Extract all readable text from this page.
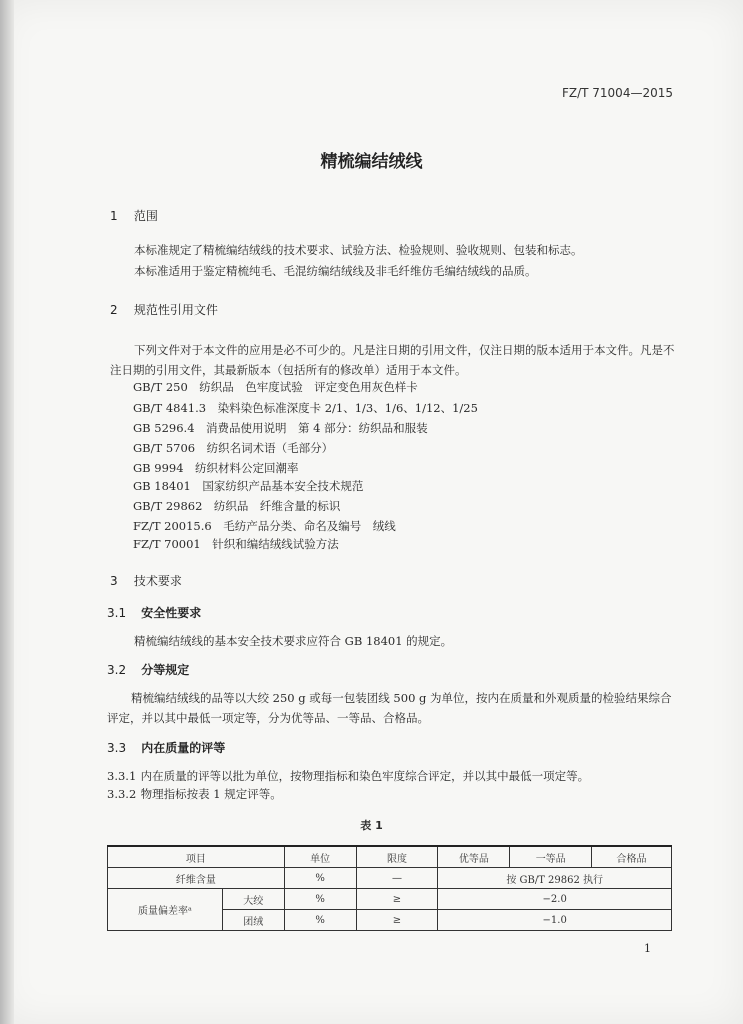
FZ/T 71004—2015
精梳编结绒线
1 范围
本标准规定了精梳编结绒线的技术要求、试验方法、检验规则、验收规则、包装和标志。
本标准适用于鉴定精梳纯毛、毛混纺编结绒线及非毛纤维仿毛编结绒线的品质。
2 规范性引用文件
下列文件对于本文件的应用是必不可少的。凡是注日期的引用文件，仅注日期的版本适用于本文件。凡是不注日期的引用文件，其最新版本（包括所有的修改单）适用于本文件。
GB/T 250　纺织品　色牢度试验　评定变色用灰色样卡
GB/T 4841.3　染料染色标准深度卡 2/1、1/3、1/6、1/12、1/25
GB 5296.4　消费品使用说明　第 4 部分：纺织品和服装
GB/T 5706　纺织名词术语（毛部分）
GB 9994　纺织材料公定回潮率
GB 18401　国家纺织产品基本安全技术规范
GB/T 29862　纺织品　纤维含量的标识
FZ/T 20015.6　毛纺产品分类、命名及编号　绒线
FZ/T 70001　针织和编结绒线试验方法
3 技术要求
3.1 安全性要求
精梳编结绒线的基本安全技术要求应符合 GB 18401 的规定。
3.2 分等规定
精梳编结绒线的品等以大绞 250 g 或每一包装团线 500 g 为单位，按内在质量和外观质量的检验结果综合评定，并以其中最低一项定等，分为优等品、一等品、合格品。
3.3 内在质量的评等
3.3.1 内在质量的评等以批为单位，按物理指标和染色牢度综合评定，并以其中最低一项定等。
3.3.2 物理指标按表 1 规定评等。
表 1
项目		单位	限度	优等品	一等品	合格品
纤维含量		%	—	按 GB/T 29862 执行		
质量偏差率ᵃ	大绞	%	≥	−2.0		
	团绒	%	≥	−1.0		
1
